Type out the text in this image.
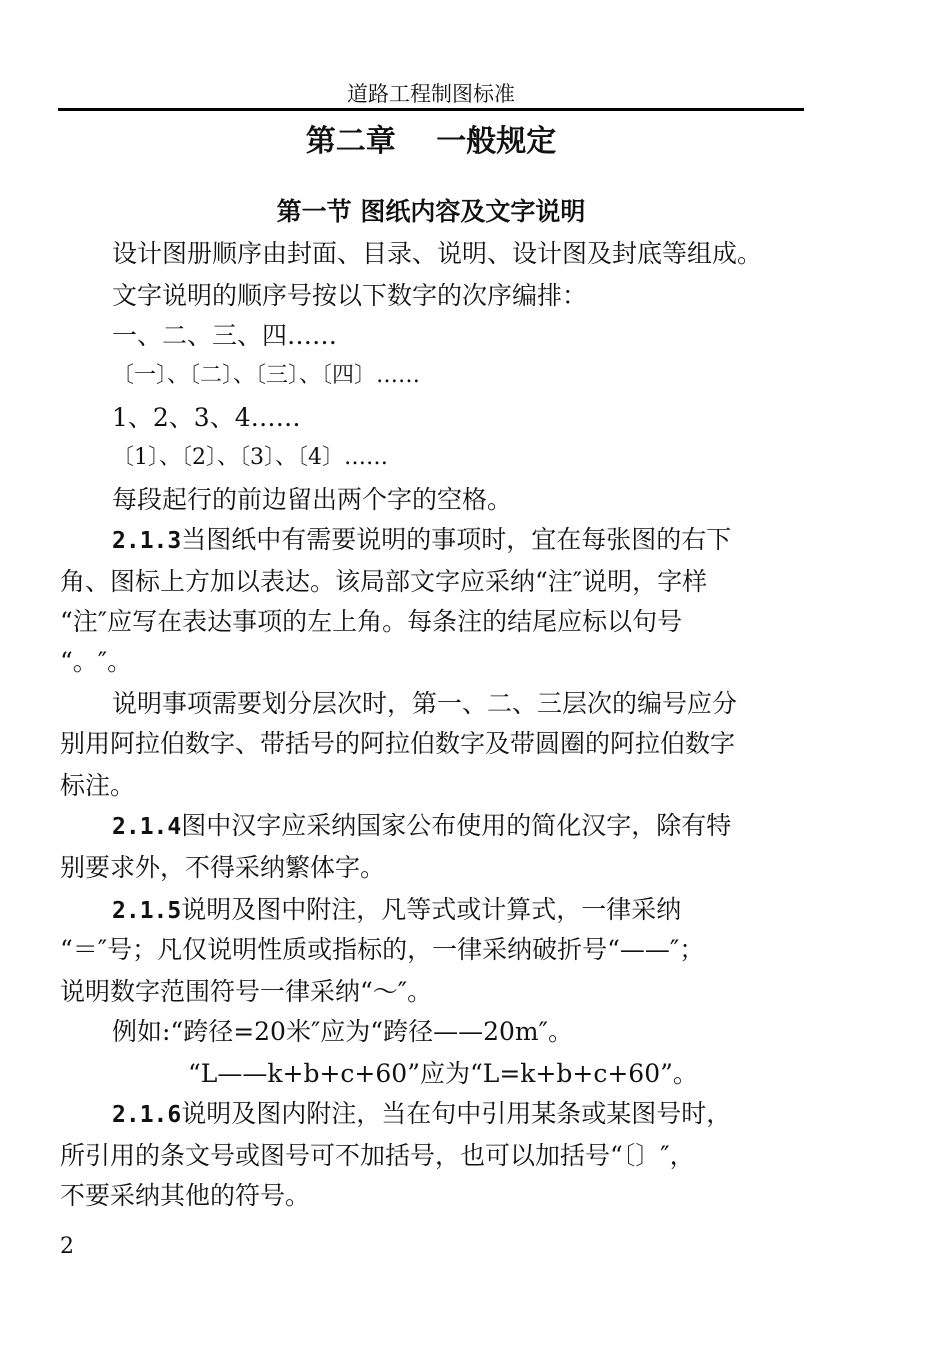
道路工程制图标准
第二章　 一般规定
第一节 图纸内容及文字说明
设计图册顺序由封面、目录、说明、设计图及封底等组成。
文字说明的顺序号按以下数字的次序编排：
一、二、三、四……
〔一〕、〔二〕、〔三〕、〔四〕……
1、2、3、4……
〔1〕、〔2〕、〔3〕、〔4〕……
每段起行的前边留出两个字的空格。
2.1.3当图纸中有需要说明的事项时，宜在每张图的右下
角、图标上方加以表达。该局部文字应采纳“注″说明，字样
“注″应写在表达事项的左上角。每条注的结尾应标以句号
“。″。
说明事项需要划分层次时，第一、二、三层次的编号应分
别用阿拉伯数字、带括号的阿拉伯数字及带圆圈的阿拉伯数字
标注。
2.1.4图中汉字应采纳国家公布使用的简化汉字，除有特
别要求外，不得采纳繁体字。
2.1.5说明及图中附注，凡等式或计算式，一律采纳
“＝″号；凡仅说明性质或指标的，一律采纳破折号“——″；
说明数字范围符号一律采纳“～″。
例如:“跨径=20米″应为“跨径——20m″。
“L——k+b+c+60”应为“L=k+b+c+60”。
2.1.6说明及图内附注，当在句中引用某条或某图号时，
所引用的条文号或图号可不加括号，也可以加括号“〔〕″，
不要采纳其他的符号。
2
